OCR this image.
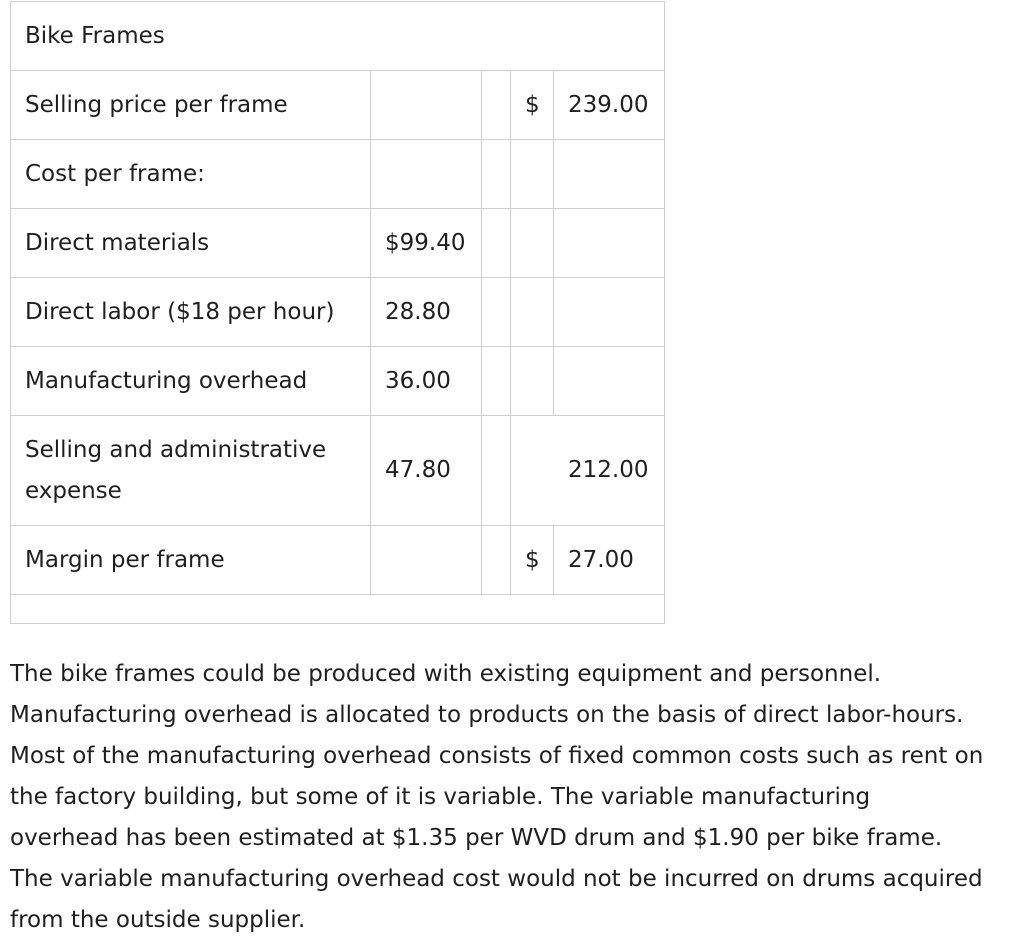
Bike Frames				
Selling price per frame			$	239.00
Cost per frame:				
Direct materials	$99.40			
Direct labor ($18 per hour)	28.80			
Manufacturing overhead	36.00			
Selling and administrative expense	47.80		212.00	
Margin per frame			$	27.00

The bike frames could be produced with existing equipment and personnel. Manufacturing overhead is allocated to products on the basis of direct labor-hours. Most of the manufacturing overhead consists of fixed common costs such as rent on the factory building, but some of it is variable. The variable manufacturing overhead has been estimated at $1.35 per WVD drum and $1.90 per bike frame. The variable manufacturing overhead cost would not be incurred on drums acquired from the outside supplier.
